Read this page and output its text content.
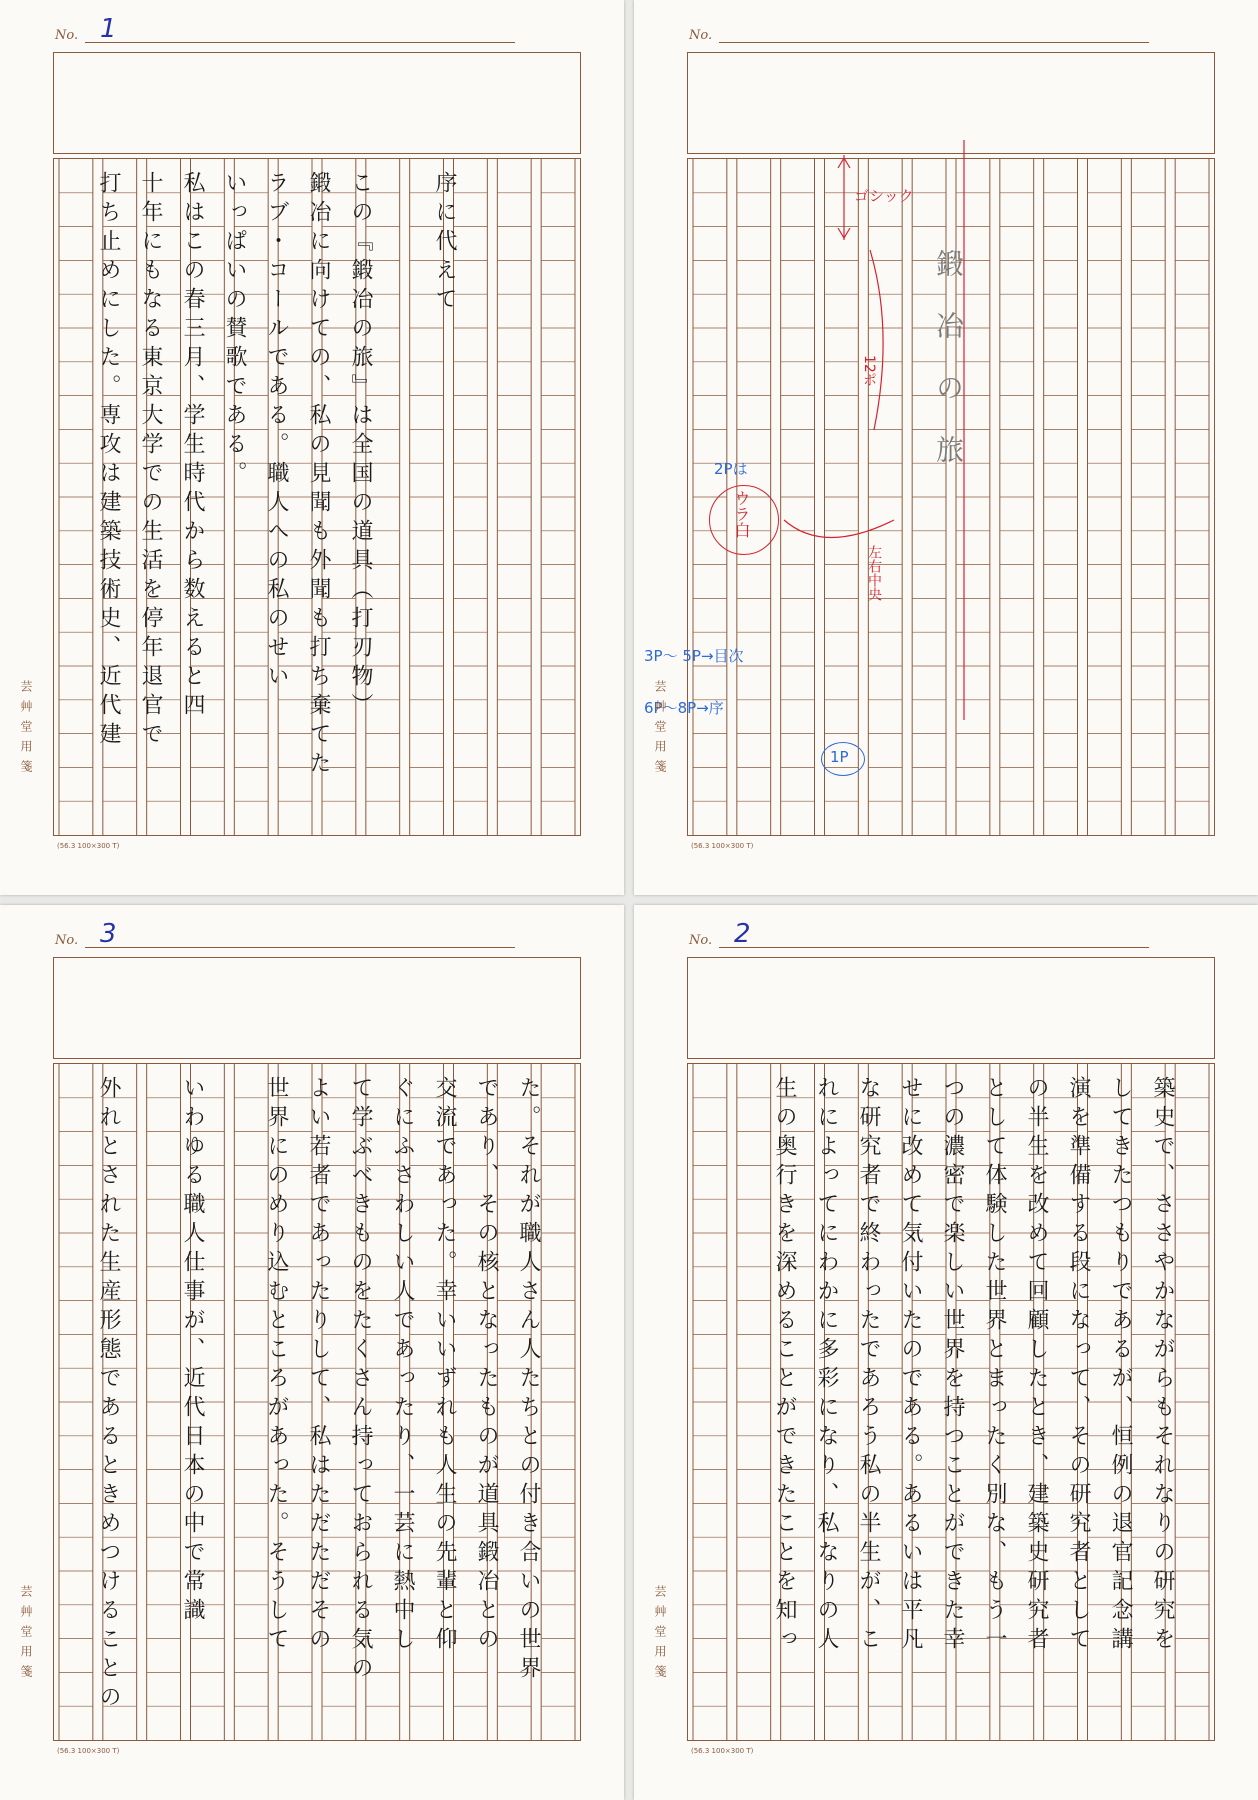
No. 1
序に代えて
この『鍛冶の旅』は全国の道具（打刃物）
鍛冶に向けての、私の見聞も外聞も打ち棄てた
ラブ・コールである。職人への私のせい
いっぱいの賛歌である。
私はこの春三月、学生時代から数えると四
十年にもなる東京大学での生活を停年退官で
打ち止めにした。専攻は建築技術史、近代建
芸艸堂用箋
(56.3 100×300 T)
No.
鍛冶の旅
ゴシック
12ポ
2Pは
ウラ白
左右中央
3P〜 5P→目次
6P〜8P→序
1P
芸艸堂用箋
(56.3 100×300 T)
No. 3
た。それが職人さん人たちとの付き合いの世界
であり、その核となったものが道具鍛冶との
交流であった。幸いいずれも人生の先輩と仰
ぐにふさわしい人であったり、一芸に熱中し
て学ぶべきものをたくさん持っておられる気の
よい若者であったりして、私はただただその
世界にのめり込むところがあった。そうして
いわゆる職人仕事が、近代日本の中で常識
外れとされた生産形態であるときめつけることの
芸艸堂用箋
(56.3 100×300 T)
No. 2
築史で、ささやかながらもそれなりの研究を
してきたつもりであるが、恒例の退官記念講
演を準備する段になって、その研究者として
の半生を改めて回顧したとき、建築史研究者
として体験した世界とまったく別な、もう一
つの濃密で楽しい世界を持つことができた幸
せに改めて気付いたのである。あるいは平凡
な研究者で終わったであろう私の半生が、こ
れによってにわかに多彩になり、私なりの人
生の奥行きを深めることができたことを知っ
芸艸堂用箋
(56.3 100×300 T)
